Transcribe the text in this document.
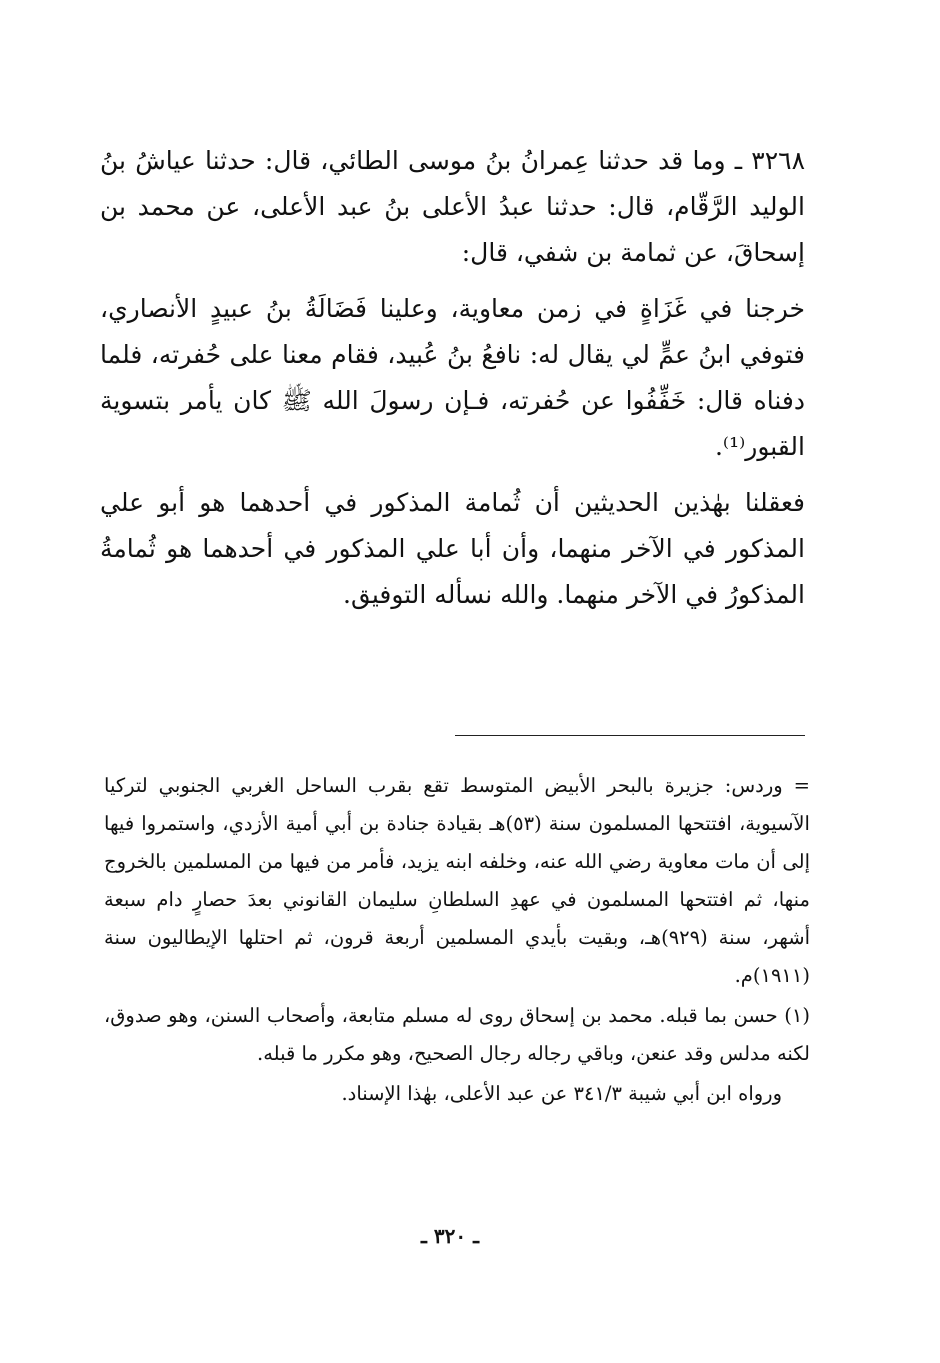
٣٢٦٨ ـ وما قد حدثنا عِمرانُ بنُ موسى الطائي، قال: حدثنا عياشُ بنُ الوليد الرَّقّام، قال: حدثنا عبدُ الأعلى بنُ عبد الأعلى، عن محمد بن إسحاقَ، عن ثمامة بن شفي، قال:

خرجنا في غَزَاةٍ في زمن معاوية، وعلينا فَضَالَةُ بنُ عبيدٍ الأنصاري، فتوفي ابنُ عمٍّ لي يقال له: نافعُ بنُ عُبيد، فقام معنا على حُفرته، فلما دفناه قال: خَفِّفُوا عن حُفرته، فـإن رسولَ الله ﷺ كان يأمر بتسوية القبور⁽¹⁾.

فعقلنا بهٰذين الحديثين أن ثُمامة المذكور في أحدهما هو أبو علي المذكور في الآخر منهما، وأن أبا علي المذكور في أحدهما هو ثُمامةُ المذكورُ في الآخر منهما. والله نسأله التوفيق.

= وردس: جزيرة بالبحر الأبيض المتوسط تقع بقرب الساحل الغربي الجنوبي لتركيا الآسيوية، افتتحها المسلمون سنة (٥٣)هـ بقيادة جنادة بن أبي أمية الأزدي، واستمروا فيها إلى أن مات معاوية رضي الله عنه، وخلفه ابنه يزيد، فأمر من فيها من المسلمين بالخروج منها، ثم افتتحها المسلمون في عهدِ السلطانِ سليمان القانوني بعدَ حصارٍ دام سبعة أشهر، سنة (٩٢٩)هـ، وبقيت بأيدي المسلمين أربعة قرون، ثم احتلها الإيطاليون سنة (١٩١١)م.

(١) حسن بما قبله. محمد بن إسحاق روى له مسلم متابعة، وأصحاب السنن، وهو صدوق، لكنه مدلس وقد عنعن، وباقي رجاله رجال الصحيح، وهو مكرر ما قبله.

ورواه ابن أبي شيبة ٣٤١/٣ عن عبد الأعلى، بهٰذا الإسناد.

ـ ٣٢٠ ـ
